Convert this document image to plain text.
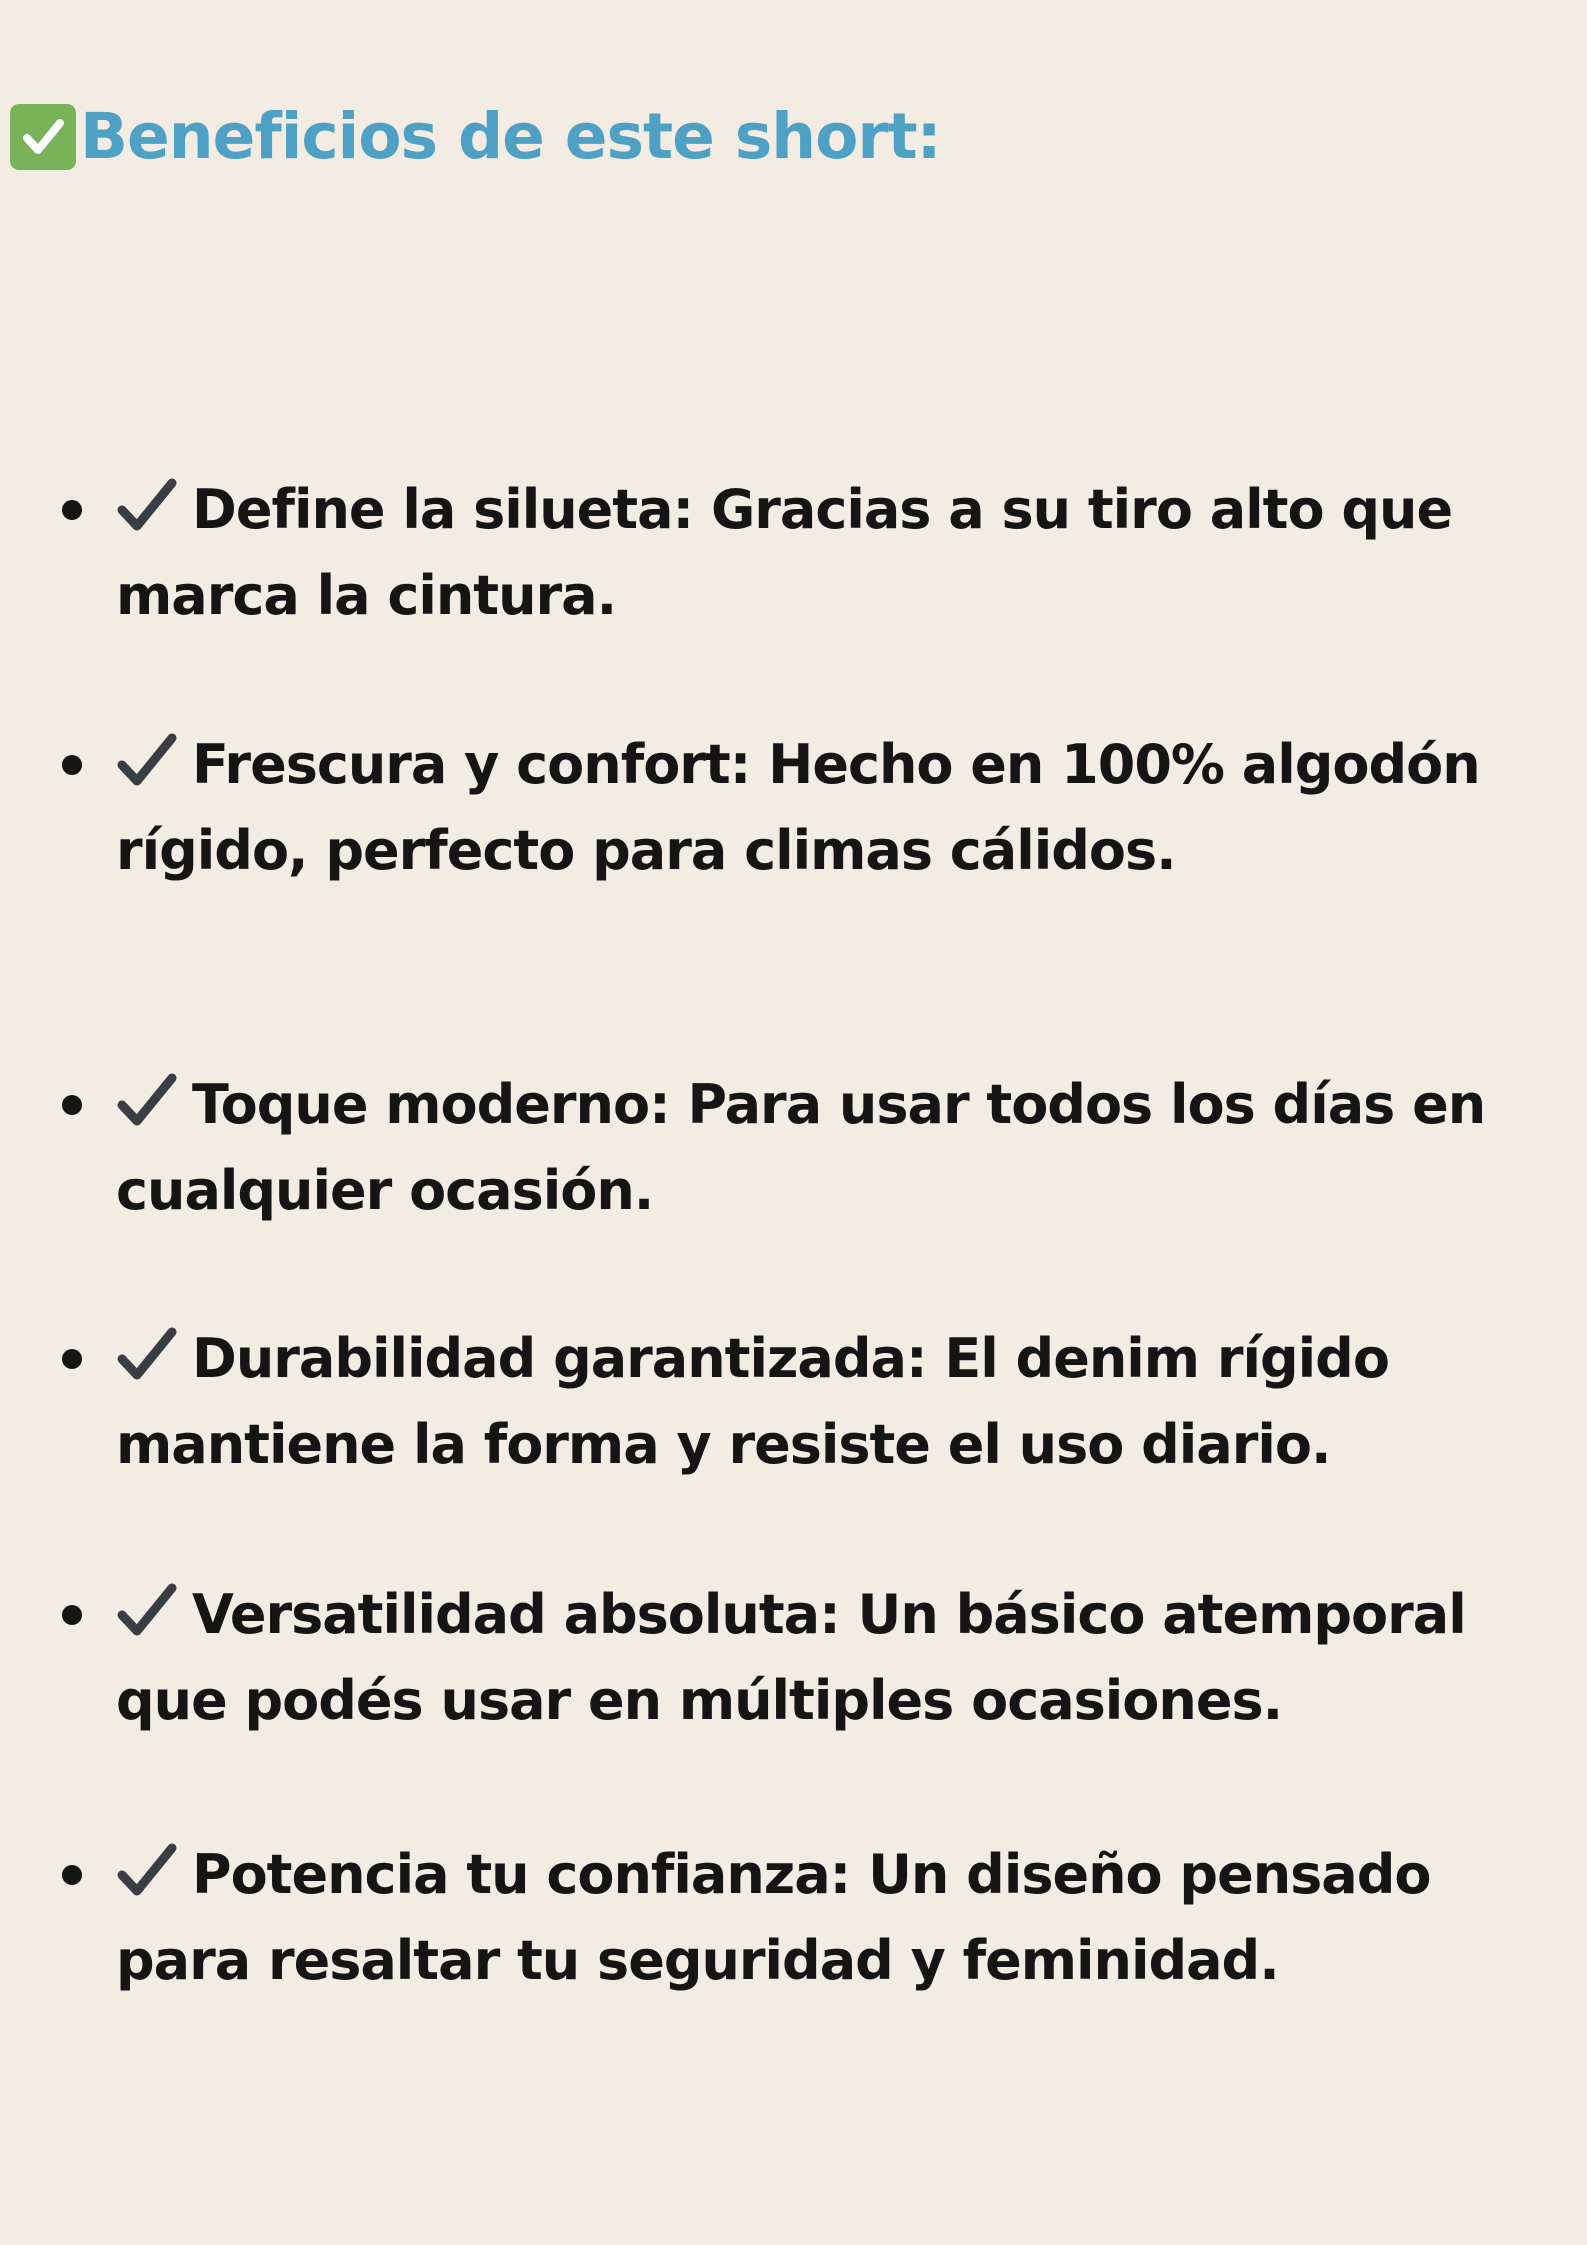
Beneficios de este short:
Define la silueta: Gracias a su tiro alto que marca la cintura.
Frescura y confort: Hecho en 100% algodón rígido, perfecto para climas cálidos.
Toque moderno: Para usar todos los días en cualquier ocasión.
Durabilidad garantizada: El denim rígido mantiene la forma y resiste el uso diario.
Versatilidad absoluta: Un básico atemporal que podés usar en múltiples ocasiones.
Potencia tu confianza: Un diseño pensado para resaltar tu seguridad y feminidad.
